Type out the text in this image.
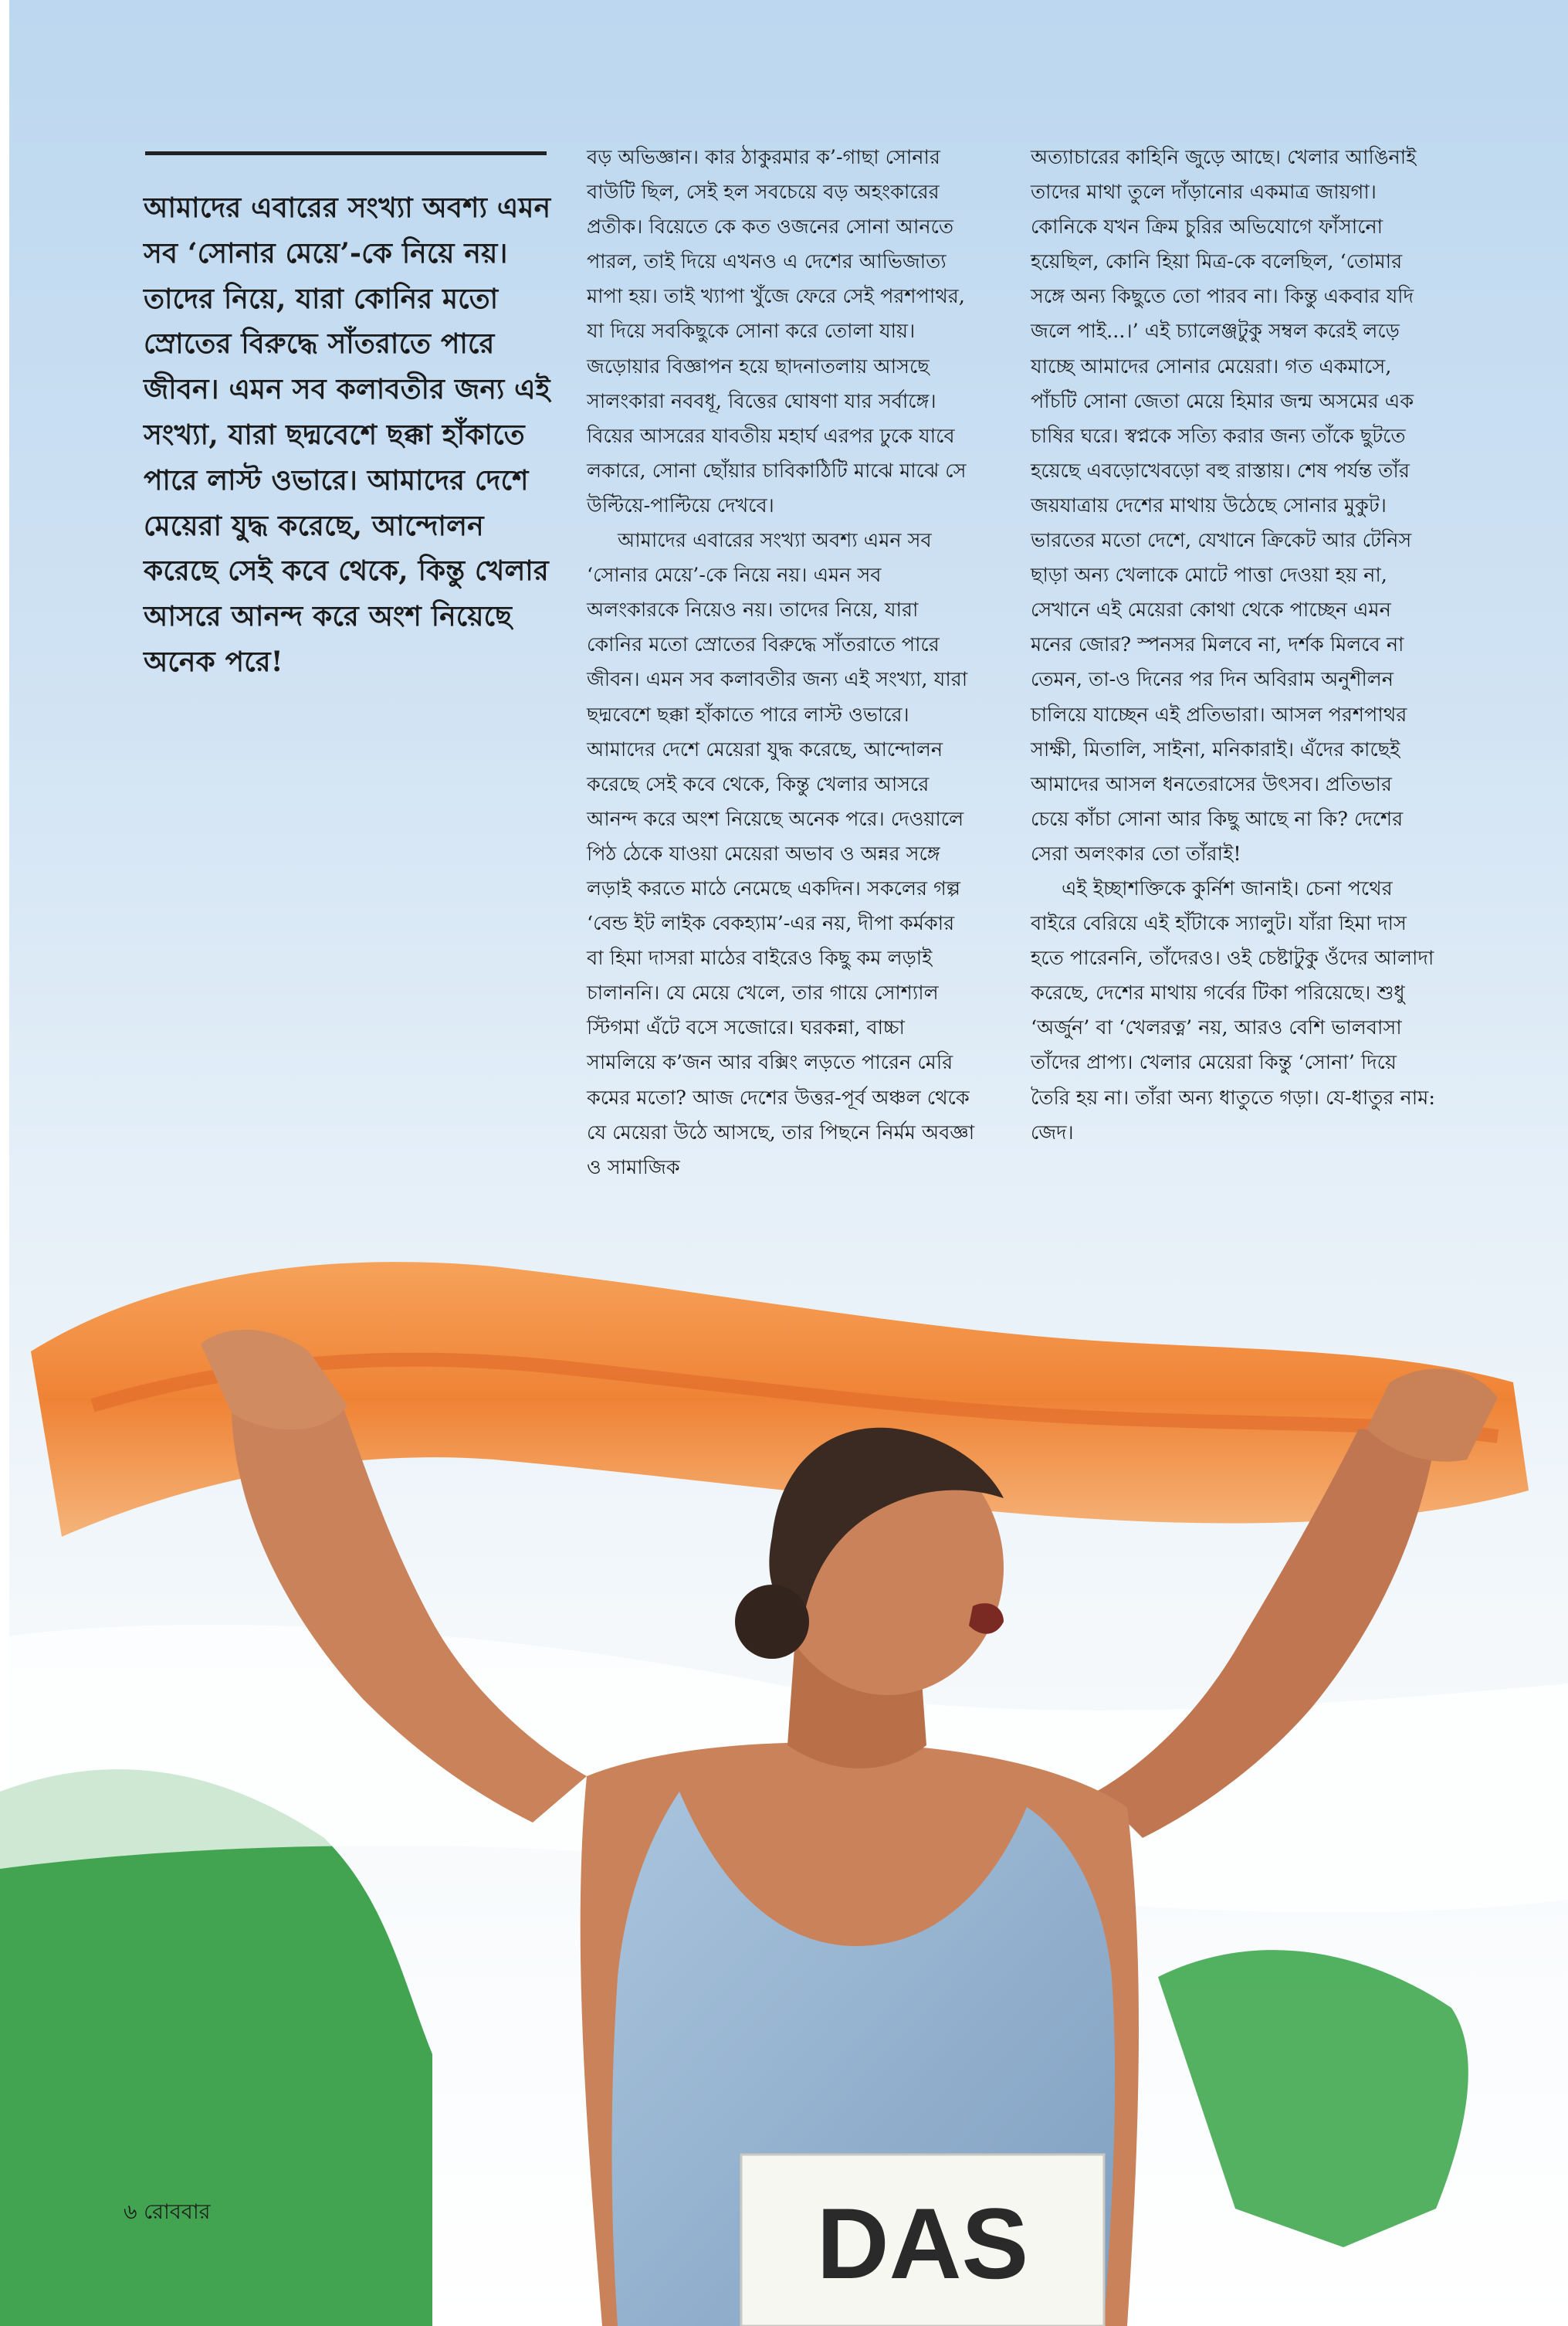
আমাদের এবারের সংখ্যা অবশ্য এমন সব ‘সোনার মেয়ে’-কে নিয়ে নয়। তাদের নিয়ে, যারা কোনির মতো স্রোতের বিরুদ্ধে সাঁতরাতে পারে জীবন। এমন সব কলাবতীর জন্য এই সংখ্যা, যারা ছদ্মবেশে ছক্কা হাঁকাতে পারে লাস্ট ওভারে। আমাদের দেশে মেয়েরা যুদ্ধ করেছে, আন্দোলন করেছে সেই কবে থেকে, কিন্তু খেলার আসরে আনন্দ করে অংশ নিয়েছে অনেক পরে!

বড় অভিজ্ঞান। কার ঠাকুরমার ক’-গাছা সোনার বাউটি ছিল, সেই হল সবচেয়ে বড় অহংকারের প্রতীক। বিয়েতে কে কত ওজনের সোনা আনতে পারল, তাই দিয়ে এখনও এ দেশের আভিজাত্য মাপা হয়। তাই খ্যাপা খুঁজে ফেরে সেই পরশপাথর, যা দিয়ে সবকিছুকে সোনা করে তোলা যায়। জড়োয়ার বিজ্ঞাপন হয়ে ছাদনাতলায় আসছে সালংকারা নববধূ, বিত্তের ঘোষণা যার সর্বাঙ্গে। বিয়ের আসরের যাবতীয় মহার্ঘ এরপর ঢুকে যাবে লকারে, সোনা ছোঁয়ার চাবিকাঠিটি মাঝে মাঝে সে উল্টিয়ে-পাল্টিয়ে দেখবে।

আমাদের এবারের সংখ্যা অবশ্য এমন সব ‘সোনার মেয়ে’-কে নিয়ে নয়। এমন সব অলংকারকে নিয়েও নয়। তাদের নিয়ে, যারা কোনির মতো স্রোতের বিরুদ্ধে সাঁতরাতে পারে জীবন। এমন সব কলাবতীর জন্য এই সংখ্যা, যারা ছদ্মবেশে ছক্কা হাঁকাতে পারে লাস্ট ওভারে। আমাদের দেশে মেয়েরা যুদ্ধ করেছে, আন্দোলন করেছে সেই কবে থেকে, কিন্তু খেলার আসরে আনন্দ করে অংশ নিয়েছে অনেক পরে। দেওয়ালে পিঠ ঠেকে যাওয়া মেয়েরা অভাব ও অন্নর সঙ্গে লড়াই করতে মাঠে নেমেছে একদিন। সকলের গল্প ‘বেন্ড ইট লাইক বেকহ্যাম’-এর নয়, দীপা কর্মকার বা হিমা দাসরা মাঠের বাইরেও কিছু কম লড়াই চালাননি। যে মেয়ে খেলে, তার গায়ে সোশ্যাল স্টিগমা এঁটে বসে সজোরে। ঘরকন্না, বাচ্চা সামলিয়ে ক’জন আর বক্সিং লড়তে পারেন মেরি কমের মতো? আজ দেশের উত্তর-পূর্ব অঞ্চল থেকে যে মেয়েরা উঠে আসছে, তার পিছনে নির্মম অবজ্ঞা ও সামাজিক

অত্যাচারের কাহিনি জুড়ে আছে। খেলার আঙিনাই তাদের মাথা তুলে দাঁড়ানোর একমাত্র জায়গা। কোনিকে যখন ক্রিম চুরির অভিযোগে ফাঁসানো হয়েছিল, কোনি হিয়া মিত্র-কে বলেছিল, ‘তোমার সঙ্গে অন্য কিছুতে তো পারব না। কিন্তু একবার যদি জলে পাই...।’ এই চ্যালেঞ্জটুকু সম্বল করেই লড়ে যাচ্ছে আমাদের সোনার মেয়েরা। গত একমাসে, পাঁচটি সোনা জেতা মেয়ে হিমার জন্ম অসমের এক চাষির ঘরে। স্বপ্নকে সত্যি করার জন্য তাঁকে ছুটতে হয়েছে এবড়োখেবড়ো বহু রাস্তায়। শেষ পর্যন্ত তাঁর জয়যাত্রায় দেশের মাথায় উঠেছে সোনার মুকুট। ভারতের মতো দেশে, যেখানে ক্রিকেট আর টেনিস ছাড়া অন্য খেলাকে মোটে পাত্তা দেওয়া হয় না, সেখানে এই মেয়েরা কোথা থেকে পাচ্ছেন এমন মনের জোর? স্পনসর মিলবে না, দর্শক মিলবে না তেমন, তা-ও দিনের পর দিন অবিরাম অনুশীলন চালিয়ে যাচ্ছেন এই প্রতিভারা। আসল পরশপাথর সাক্ষী, মিতালি, সাইনা, মনিকারাই। এঁদের কাছেই আমাদের আসল ধনতেরাসের উৎসব। প্রতিভার চেয়ে কাঁচা সোনা আর কিছু আছে না কি? দেশের সেরা অলংকার তো তাঁরাই!

এই ইচ্ছাশক্তিকে কুর্নিশ জানাই। চেনা পথের বাইরে বেরিয়ে এই হাঁটাকে স্যালুট। যাঁরা হিমা দাস হতে পারেননি, তাঁদেরও। ওই চেষ্টাটুকু ওঁদের আলাদা করেছে, দেশের মাথায় গর্বের টিকা পরিয়েছে। শুধু ‘অর্জুন’ বা ‘খেলরত্ন’ নয়, আরও বেশি ভালবাসা তাঁদের প্রাপ্য। খেলার মেয়েরা কিন্তু ‘সোনা’ দিয়ে তৈরি হয় না। তাঁরা অন্য ধাতুতে গড়া। যে-ধাতুর নাম: জেদ।

DAS
৬ রোববার
